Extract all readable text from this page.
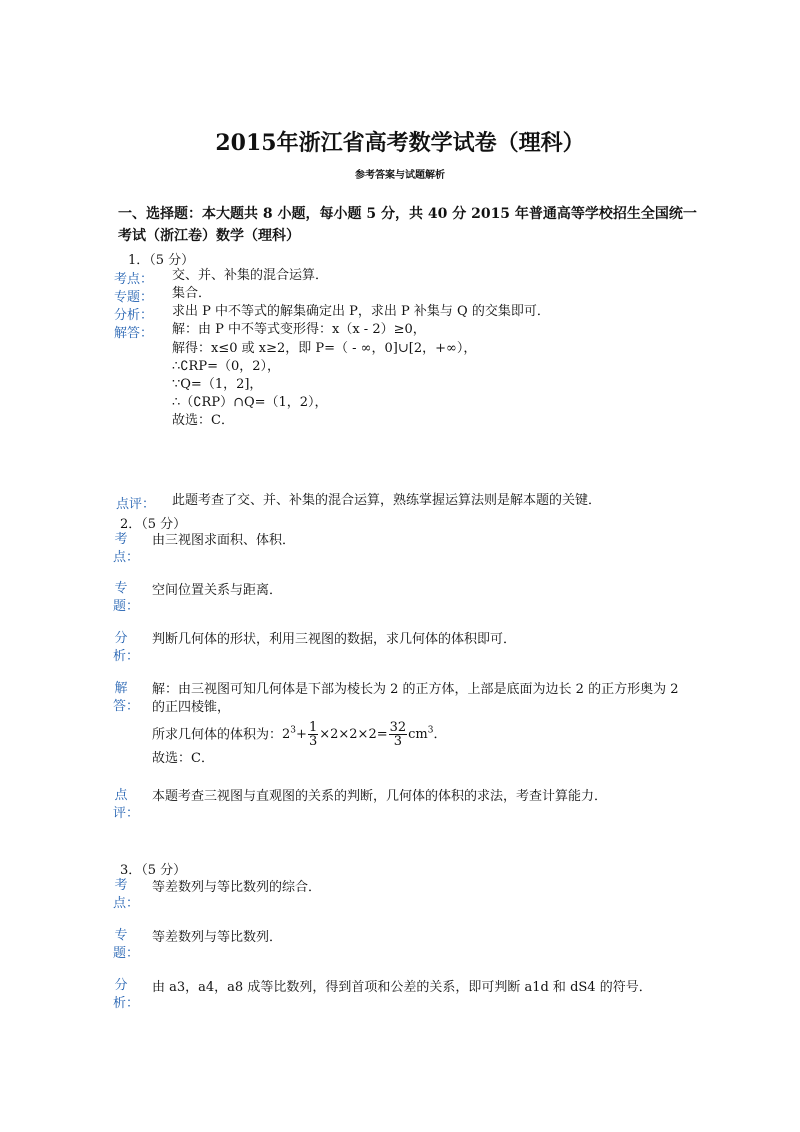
2015年浙江省高考数学试卷（理科）
参考答案与试题解析
一、选择题：本大题共 8 小题，每小题 5 分，共 40 分 2015 年普通高等学校招生全国统一
考试（浙江卷）数学（理科）
1．（5 分）
考点： 交、并、补集的混合运算．
专题： 集合．
分析： 求出 P 中不等式的解集确定出 P，求出 P 补集与 Q 的交集即可．
解答： 解：由 P 中不等式变形得：x（x - 2）≥0，
解得：x≤0 或 x≥2，即 P=（ - ∞，0]∪[2，+∞），
∴∁RP=（0，2），
∵Q=（1，2]，
∴（∁RP）∩Q=（1，2），
故选：C．
点评： 此题考查了交、并、补集的混合运算，熟练掌握运算法则是解本题的关键．
2．（5 分）
考点：
由三视图求面积、体积．
专题：
空间位置关系与距离．
分析：
判断几何体的形状，利用三视图的数据，求几何体的体积即可．
解答：
解：由三视图可知几何体是下部为棱长为 2 的正方体，上部是底面为边长 2 的正方形奥为 2
的正四棱锥，
所求几何体的体积为：$2^3+ \frac{1}{3} \times 2\times 2\times 2= \frac{32}{3} cm^3$．
故选：C．
点评：
本题考查三视图与直观图的关系的判断，几何体的体积的求法，考查计算能力．
3．（5 分）
考点：
等差数列与等比数列的综合．
专题：
等差数列与等比数列．
分析：
由 a3，a4，a8 成等比数列，得到首项和公差的关系，即可判断 a1d 和 dS4 的符号．
